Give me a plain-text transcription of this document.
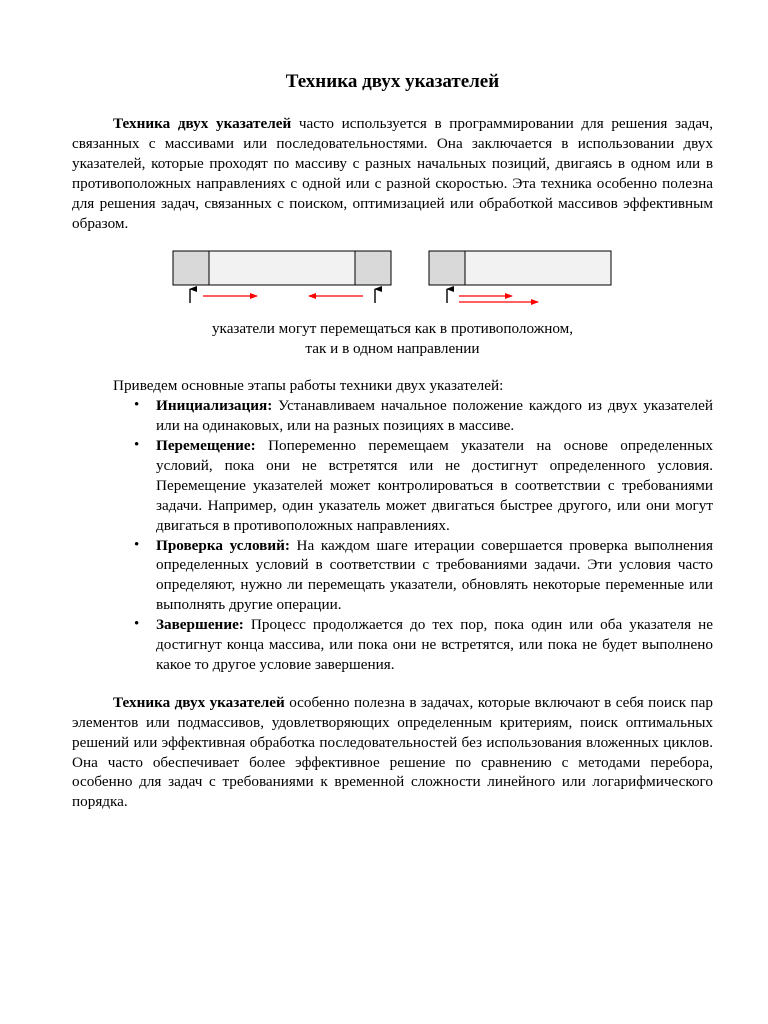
Техника двух указателей

Техника двух указателей часто используется в программировании для решения задач, связанных с массивами или последовательностями. Она заключается в использовании двух указателей, которые проходят по массиву с разных начальных позиций, двигаясь в одном или в противоположных направлениях с одной или с разной скоростью. Эта техника особенно полезна для решения задач, связанных с поиском, оптимизацией или обработкой массивов эффективным образом.

указатели могут перемещаться как в противоположном,
так и в одном направлении
Приведем основные этапы работы техники двух указателей:
• Инициализация: Устанавливаем начальное положение каждого из двух указателей или на одинаковых, или на разных позициях в массиве.
• Перемещение: Попеременно перемещаем указатели на основе определенных условий, пока они не встретятся или не достигнут определенного условия. Перемещение указателей может контролироваться в соответствии с требованиями задачи. Например, один указатель может двигаться быстрее другого, или они могут двигаться в противоположных направлениях.
• Проверка условий: На каждом шаге итерации совершается проверка выполнения определенных условий в соответствии с требованиями задачи. Эти условия часто определяют, нужно ли перемещать указатели, обновлять некоторые переменные или выполнять другие операции.
• Завершение: Процесс продолжается до тех пор, пока один или оба указателя не достигнут конца массива, или пока они не встретятся, или пока не будет выполнено какое то другое условие завершения.

Техника двух указателей особенно полезна в задачах, которые включают в себя поиск пар элементов или подмассивов, удовлетворяющих определенным критериям, поиск оптимальных решений или эффективная обработка последовательностей без использования вложенных циклов. Она часто обеспечивает более эффективное решение по сравнению с методами перебора, особенно для задач с требованиями к временной сложности линейного или логарифмического порядка.
